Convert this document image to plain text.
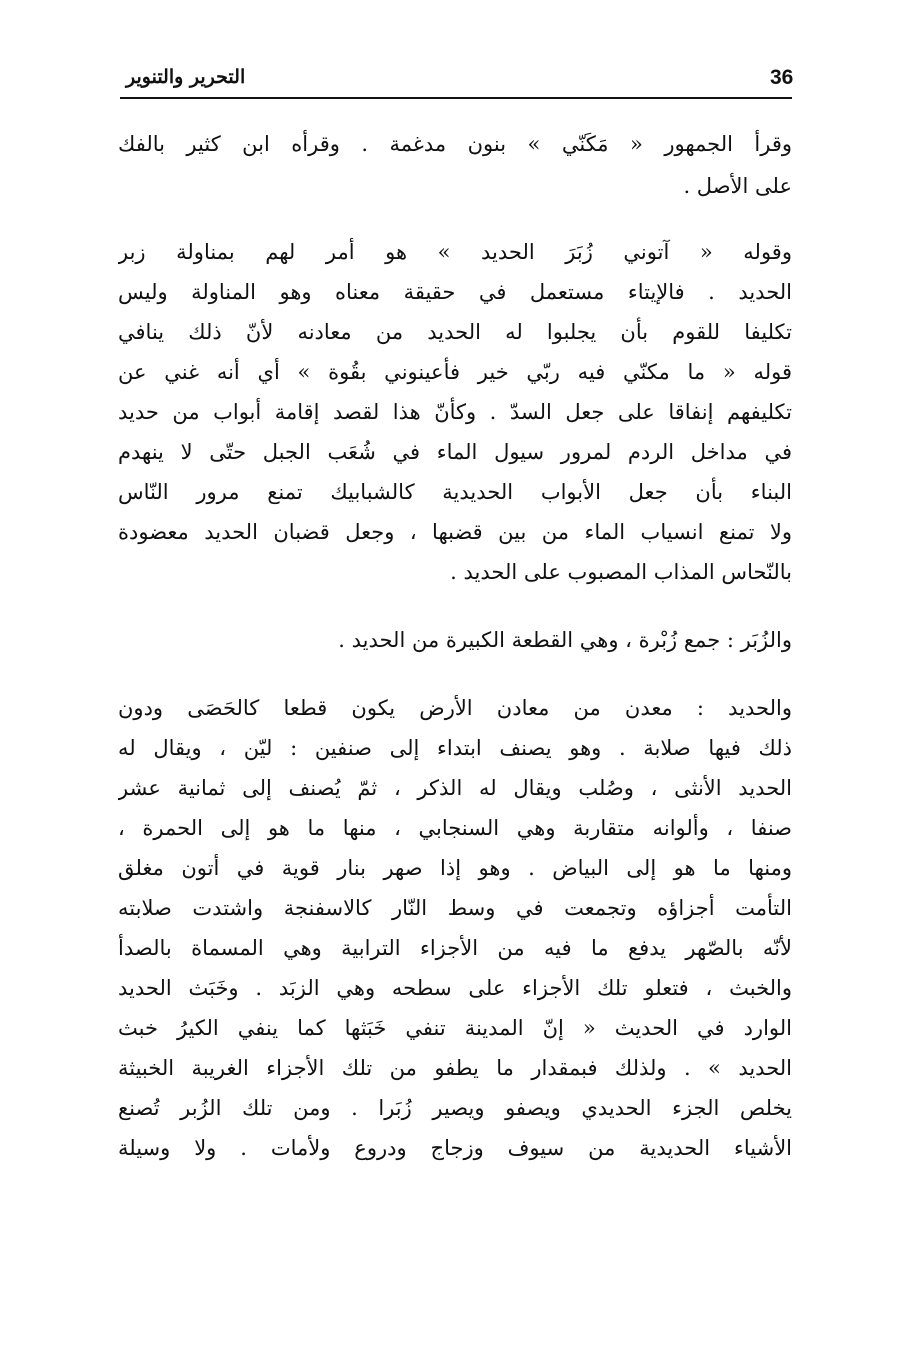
36
التحرير والتنوير
وقرأ الجمهور « مَكَنّي » بنون مدغمة . وقرأه ابن كثير بالفك
على الأصل .
وقوله « آتوني زُبَرَ الحديد » هو أمر لهم بمناولة زبر
الحديد . فالإيتاء مستعمل في حقيقة معناه وهو المناولة وليس
تكليفا للقوم بأن يجلبوا له الحديد من معادنه لأنّ ذلك ينافي
قوله « ما مكنّي فيه ربّي خير فأعينوني بقُوة » أي أنه غني عن
تكليفهم إنفاقا على جعل السدّ . وكأنّ هذا لقصد إقامة أبواب من حديد
في مداخل الردم لمرور سيول الماء في شُعَب الجبل حتّى لا ينهدم
البناء بأن جعل الأبواب الحديدية كالشبابيك تمنع مرور النّاس
ولا تمنع انسياب الماء من بين قضبها ، وجعل قضبان الحديد معضودة
بالنّحاس المذاب المصبوب على الحديد .
والزُبَر : جمع زُبْرة ، وهي القطعة الكبيرة من الحديد .
والحديد : معدن من معادن الأرض يكون قطعا كالحَصَى ودون
ذلك فيها صلابة . وهو يصنف ابتداء إلى صنفين : ليّن ، ويقال له
الحديد الأنثى ، وصُلب ويقال له الذكر ، ثمّ يُصنف إلى ثمانية عشر
صنفا ، وألوانه متقاربة وهي السنجابي ، منها ما هو إلى الحمرة ،
ومنها ما هو إلى البياض . وهو إذا صهر بنار قوية في أتون مغلق
التأمت أجزاؤه وتجمعت في وسط النّار كالاسفنجة واشتدت صلابته
لأنّه بالصّهر يدفع ما فيه من الأجزاء الترابية وهي المسماة بالصدأ
والخبث ، فتعلو تلك الأجزاء على سطحه وهي الزبَد . وخَبَث الحديد
الوارد في الحديث « إنّ المدينة تنفي خَبَثها كما ينفي الكيرُ خبث
الحديد » . ولذلك فبمقدار ما يطفو من تلك الأجزاء الغريبة الخبيثة
يخلص الجزء الحديدي ويصفو ويصير زُبَرا . ومن تلك الزُبر تُصنع
الأشياء الحديدية من سيوف وزجاج ودروع ولأمات . ولا وسيلة
